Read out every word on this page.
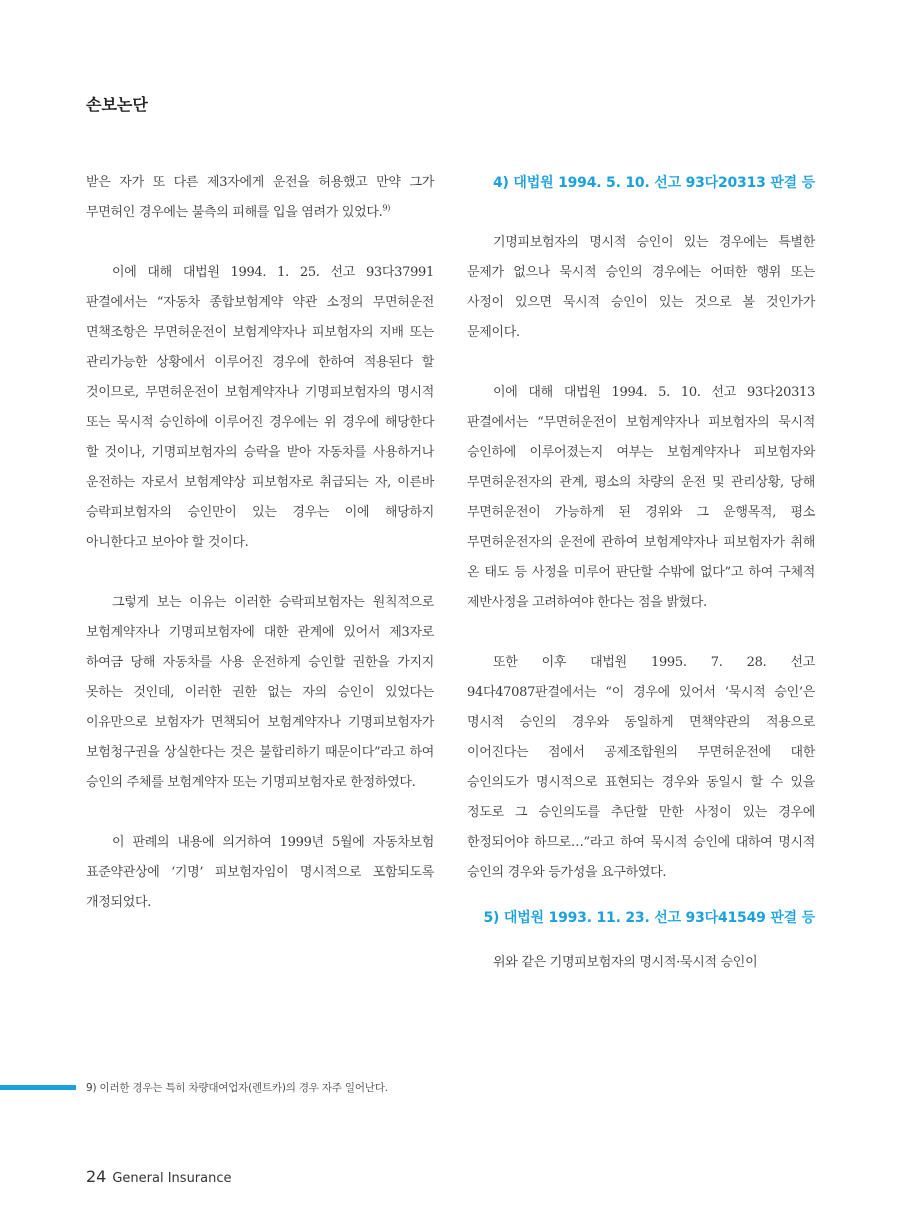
손보논단

받은 자가 또 다른 제3자에게 운전을 허용했고 만약 그가 무면허인 경우에는 불측의 피해를 입을 염려가 있었다.$^{9)}$

이에 대해 대법원 1994. 1. 25. 선고 93다37991 판결에서는 “자동차 종합보험계약 약관 소정의 무면허운전 면책조항은 무면허운전이 보험계약자나 피보험자의 지배 또는 관리가능한 상황에서 이루어진 경우에 한하여 적용된다 할 것이므로, 무면허운전이 보험계약자나 기명피보험자의 명시적 또는 묵시적 승인하에 이루어진 경우에는 위 경우에 해당한다 할 것이나, 기명피보험자의 승락을 받아 자동차를 사용하거나 운전하는 자로서 보험계약상 피보험자로 취급되는 자, 이른바 승락피보험자의 승인만이 있는 경우는 이에 해당하지 아니한다고 보아야 할 것이다.

그렇게 보는 이유는 이러한 승락피보험자는 원칙적으로 보험계약자나 기명피보험자에 대한 관계에 있어서 제3자로 하여금 당해 자동차를 사용 운전하게 승인할 권한을 가지지 못하는 것인데, 이러한 권한 없는 자의 승인이 있었다는 이유만으로 보험자가 면책되어 보험계약자나 기명피보험자가 보험청구권을 상실한다는 것은 불합리하기 때문이다”라고 하여 승인의 주체를 보험계약자 또는 기명피보험자로 한정하였다.

이 판례의 내용에 의거하여 1999년 5월에 자동차보험 표준약관상에 ‘기명’ 피보험자임이 명시적으로 포함되도록 개정되었다.

4) 대법원 1994. 5. 10. 선고 93다20313 판결 등

기명피보험자의 명시적 승인이 있는 경우에는 특별한 문제가 없으나 묵시적 승인의 경우에는 어떠한 행위 또는 사정이 있으면 묵시적 승인이 있는 것으로 볼 것인가가 문제이다.

이에 대해 대법원 1994. 5. 10. 선고 93다20313 판결에서는 “무면허운전이 보험계약자나 피보험자의 묵시적 승인하에 이루어졌는지 여부는 보험계약자나 피보험자와 무면허운전자의 관계, 평소의 차량의 운전 및 관리상황, 당해 무면허운전이 가능하게 된 경위와 그 운행목적, 평소 무면허운전자의 운전에 관하여 보험계약자나 피보험자가 취해 온 태도 등 사정을 미루어 판단할 수밖에 없다”고 하여 구체적 제반사정을 고려하여야 한다는 점을 밝혔다.

또한 이후 대법원 1995. 7. 28. 선고 94다47087판결에서는 “이 경우에 있어서 ‘묵시적 승인’은 명시적 승인의 경우와 동일하게 면책약관의 적용으로 이어진다는 점에서 공제조합원의 무면허운전에 대한 승인의도가 명시적으로 표현되는 경우와 동일시 할 수 있을 정도로 그 승인의도를 추단할 만한 사정이 있는 경우에 한정되어야 하므로…”라고 하여 묵시적 승인에 대하여 명시적 승인의 경우와 등가성을 요구하였다.

5) 대법원 1993. 11. 23. 선고 93다41549 판결 등

위와 같은 기명피보험자의 명시적·묵시적 승인이

9) 이러한 경우는 특히 차량대여업자(렌트카)의 경우 자주 일어난다.
24 General Insurance
